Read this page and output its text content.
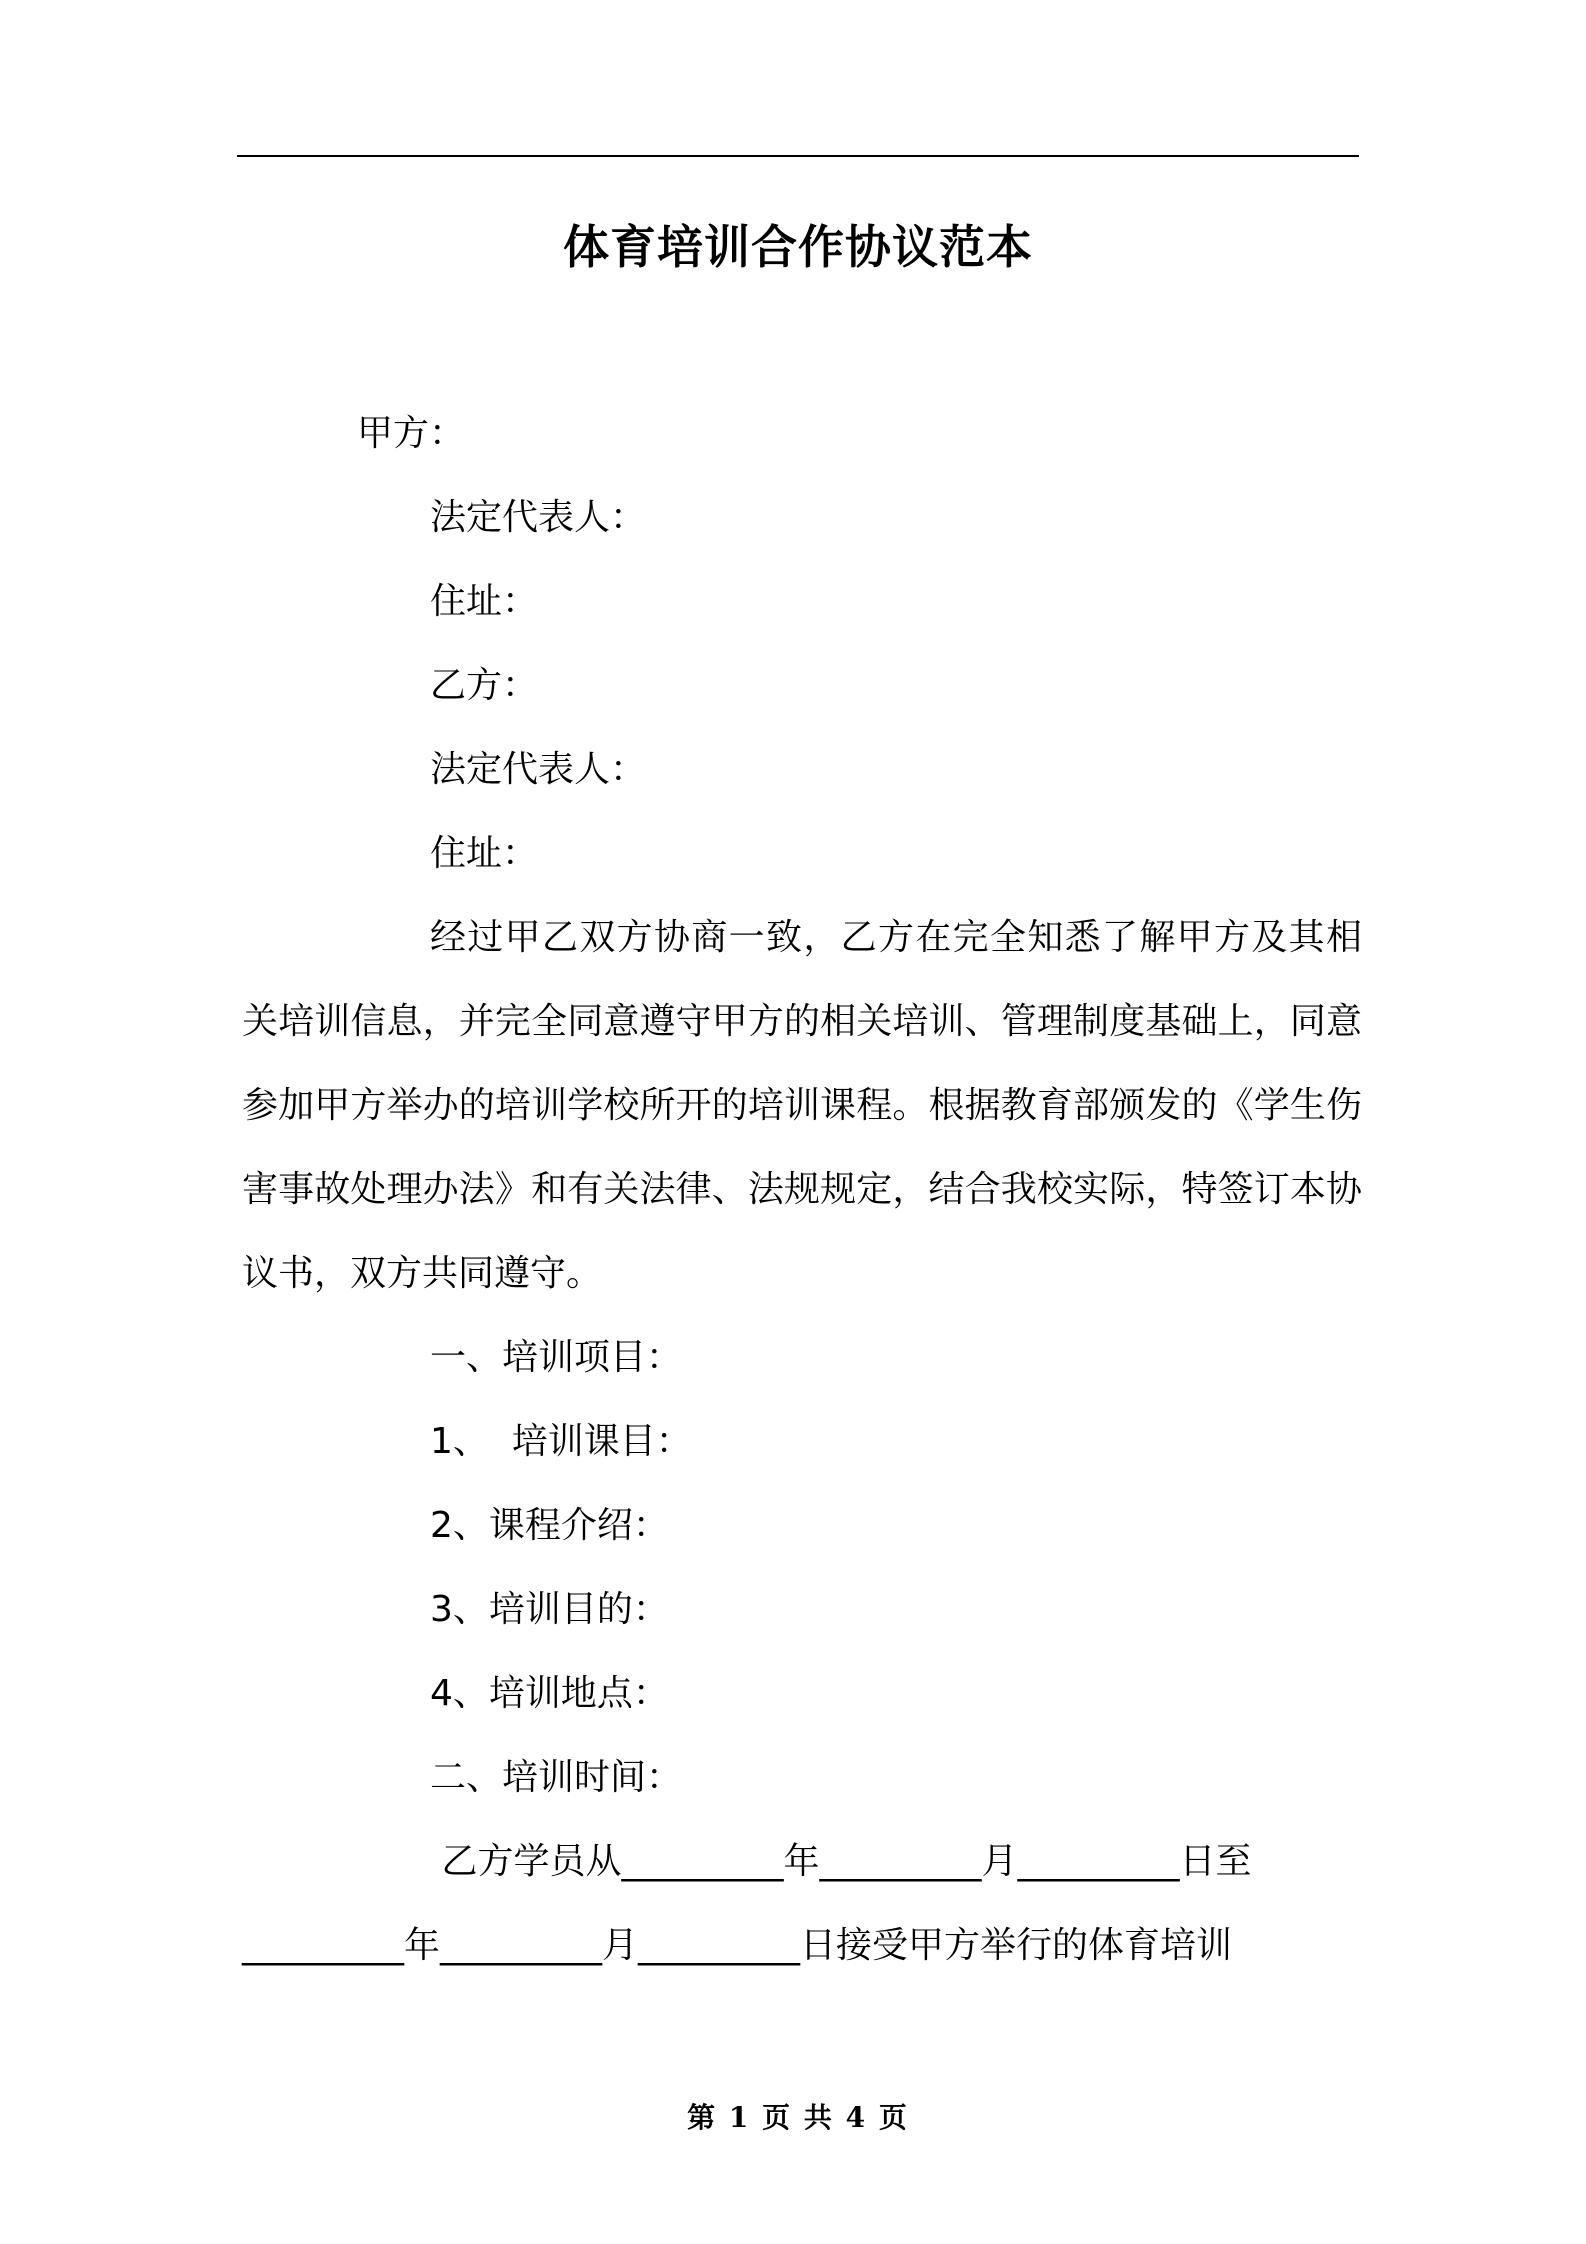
体育培训合作协议范本
甲方：
法定代表人：
住址：
乙方：
法定代表人：
住址：

经过甲乙双方协商一致，乙方在完全知悉了解甲方及其相关培训信息，并完全同意遵守甲方的相关培训、管理制度基础上，同意参加甲方举办的培训学校所开的培训课程。根据教育部颁发的《学生伤害事故处理办法》和有关法律、法规规定，结合我校实际，特签订本协议书，双方共同遵守。

一、培训项目：
1、  培训课目：
2、课程介绍：
3、培训目的：
4、培训地点：
二、培训时间：
乙方学员从_________年_________月_________日至
_________年_________月_________日接受甲方举行的体育培训
第 1 页 共 4 页
